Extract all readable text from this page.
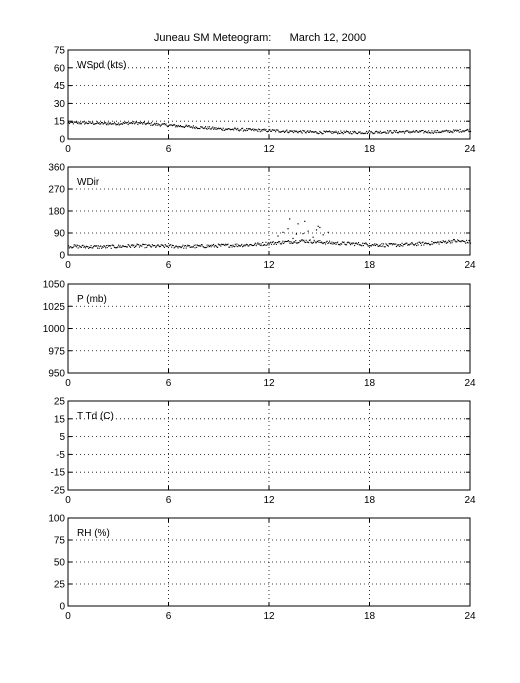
Juneau SM Meteogram:      March 12, 2000
0	6	12	18	24
0
15
30
45
60
75
WSpd (kts)
0	6	12	18	24
0
90
180
270
360
WDir
0	6	12	18	24
950
975
1000
1025
1050
P (mb)
0	6	12	18	24
-25
-15
-5
5
15
25
T Td (C)
0	6	12	18	24
0
25
50
75
100
RH (%)
